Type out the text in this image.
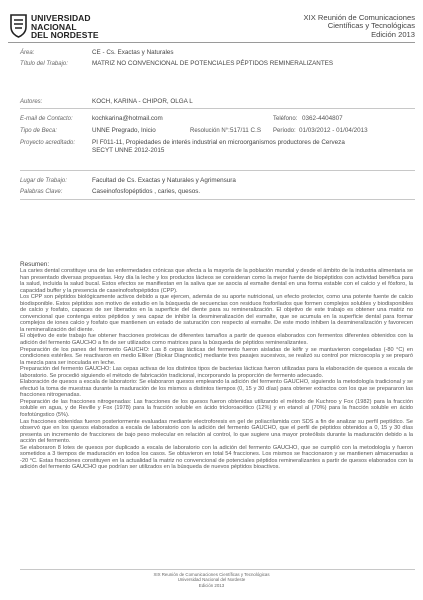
UNIVERSIDAD
NACIONAL
DEL NORDESTE
XIX Reunión de Comunicaciones
Científicas y Tecnológicas
Edición 2013
Área:	CE - Cs. Exactas y Naturales
Título del Trabajo:	MATRIZ NO CONVENCIONAL DE POTENCIALES PÉPTIDOS REMINERALIZANTES
Autores:	KOCH, KARINA - CHIPOR, OLGA L
E-mail de Contacto:	kochkarina@hotmail.com	Teléfono: 0362-4404807
Tipo de Beca:	UNNE Pregrado, Inicio	Resolución N°: 517/11 C.S Período: 01/03/2012 - 01/04/2013
Proyecto acreditado:	PI F011-11, Propiedades de interés industrial en microorganismos productores de Cerveza
SECYT UNNE 2012-2015
Lugar de Trabajo:	Facultad de Cs. Exactas y Naturales y Agrimensura
Palabras Clave:	Caseinofosfopéptidos , caries, quesos.
Resumen:

La caries dental constituye una de las enfermedades crónicas que afecta a la mayoría de la población mundial y desde el ámbito de la industria alimentaria se han presentado diversas propuestas. Hoy día la leche y los productos lácteos se consideran como la mejor fuente de biopéptidos con actividad benéfica para la salud, incluida la salud bucal. Estos efectos se manifiestan en la saliva que se asocia al esmalte dental en una forma estable con el calcio y el fósforo, la capacidad buffer y la presencia de caseinofosfopéptidos (CPP).

Los CPP son péptidos biológicamente activos debido a que ejercen, además de su aporte nutricional, un efecto protector, como una potente fuente de calcio biodisponible. Estos péptidos son motivo de estudio en la búsqueda de secuencias con residuos fosforilados que formen complejos solubles y biodisponibles de calcio y fosfato, capaces de ser liberados en la superficie del diente para su remineralización. El objetivo de este trabajo es obtener una matriz no convencional que contenga estos péptidos y sea capaz de inhibir la desmineralización del esmalte, que se acumula en la superficie dental para formar complejos de iones calcio y fosfato que mantienen un estado de saturación con respecto al esmalte. De este modo inhiben la desmineralización y favorecen la remineralización del diente.

El objetivo de este trabajo fue obtener fracciones proteicas de diferentes tamaños a partir de quesos elaborados con fermentos diferentes obtenidos con la adición del fermento GAUCHO a fin de ser utilizados como matrices para la búsqueda de péptidos remineralizantes.

Preparación de los panes del fermento GAUCHO: Las 8 cepas lácticas del fermento fueron aisladas de kéfir y se mantuvieron congeladas (-80 °C) en condiciones estériles. Se reactivaron en medio Elliker (Biokar Diagnostic) mediante tres pasajes sucesivos, se realizó su control por microscopía y se preparó la mezcla para ser inoculada en leche.

Preparación del fermento GAUCHO: Las cepas activas de los distintos tipos de bacterias lácticas fueron utilizadas para la elaboración de quesos a escala de laboratorio. Se procedió siguiendo el método de fabricación tradicional, incorporando la proporción de fermento adecuado.

Elaboración de quesos a escala de laboratorio: Se elaboraron quesos empleando la adición del fermento GAUCHO, siguiendo la metodología tradicional y se efectuó la toma de muestras durante la maduración de los mismos a distintos tiempos (0, 15 y 30 días) para obtener extractos con los que se prepararon las fracciones nitrogenadas.

Preparación de las fracciones nitrogenadas: Las fracciones de los quesos fueron obtenidas utilizando el método de Kuchroo y Fox (1982) para la fracción soluble en agua, y de Reville y Fox (1978) para la fracción soluble en ácido tricloroacético (12%) y en etanol al (70%) para la fracción soluble en ácido fosfotúngstico (5%).

Las fracciones obtenidas fueron posteriormente evaluadas mediante electroforesis en gel de poliacrilamida con SDS a fin de analizar su perfil peptídico. Se observó que en los quesos elaborados a escala de laboratorio con la adición del fermento GAUCHO, que el perfil de péptidos obtenidos a 0, 15 y 30 días presenta un incremento de fracciones de bajo peso molecular en relación al control, lo que sugiere una mayor proteólisis durante la maduración debido a la acción del fermento.

Se elaboraron 8 lotes de quesos por duplicado a escala de laboratorio con la adición del fermento GAUCHO, que se cumplió con la metodología y fueron sometidos a 3 tiempos de maduración en todos los casos. Se obtuvieron en total 54 fracciones. Los mismos se fraccionaron y se mantienen almacenadas a -20 °C. Estas fracciones constituyen en la actualidad la matriz no convencional de potenciales péptidos remineralizantes a partir de quesos elaborados con la adición del fermento GAUCHO que podrían ser utilizados en la búsqueda de nuevos péptidos bioactivos.

XIX Reunión de Comunicaciones Científicas y Tecnológicas
Universidad Nacional del Nordeste
Edición 2013
